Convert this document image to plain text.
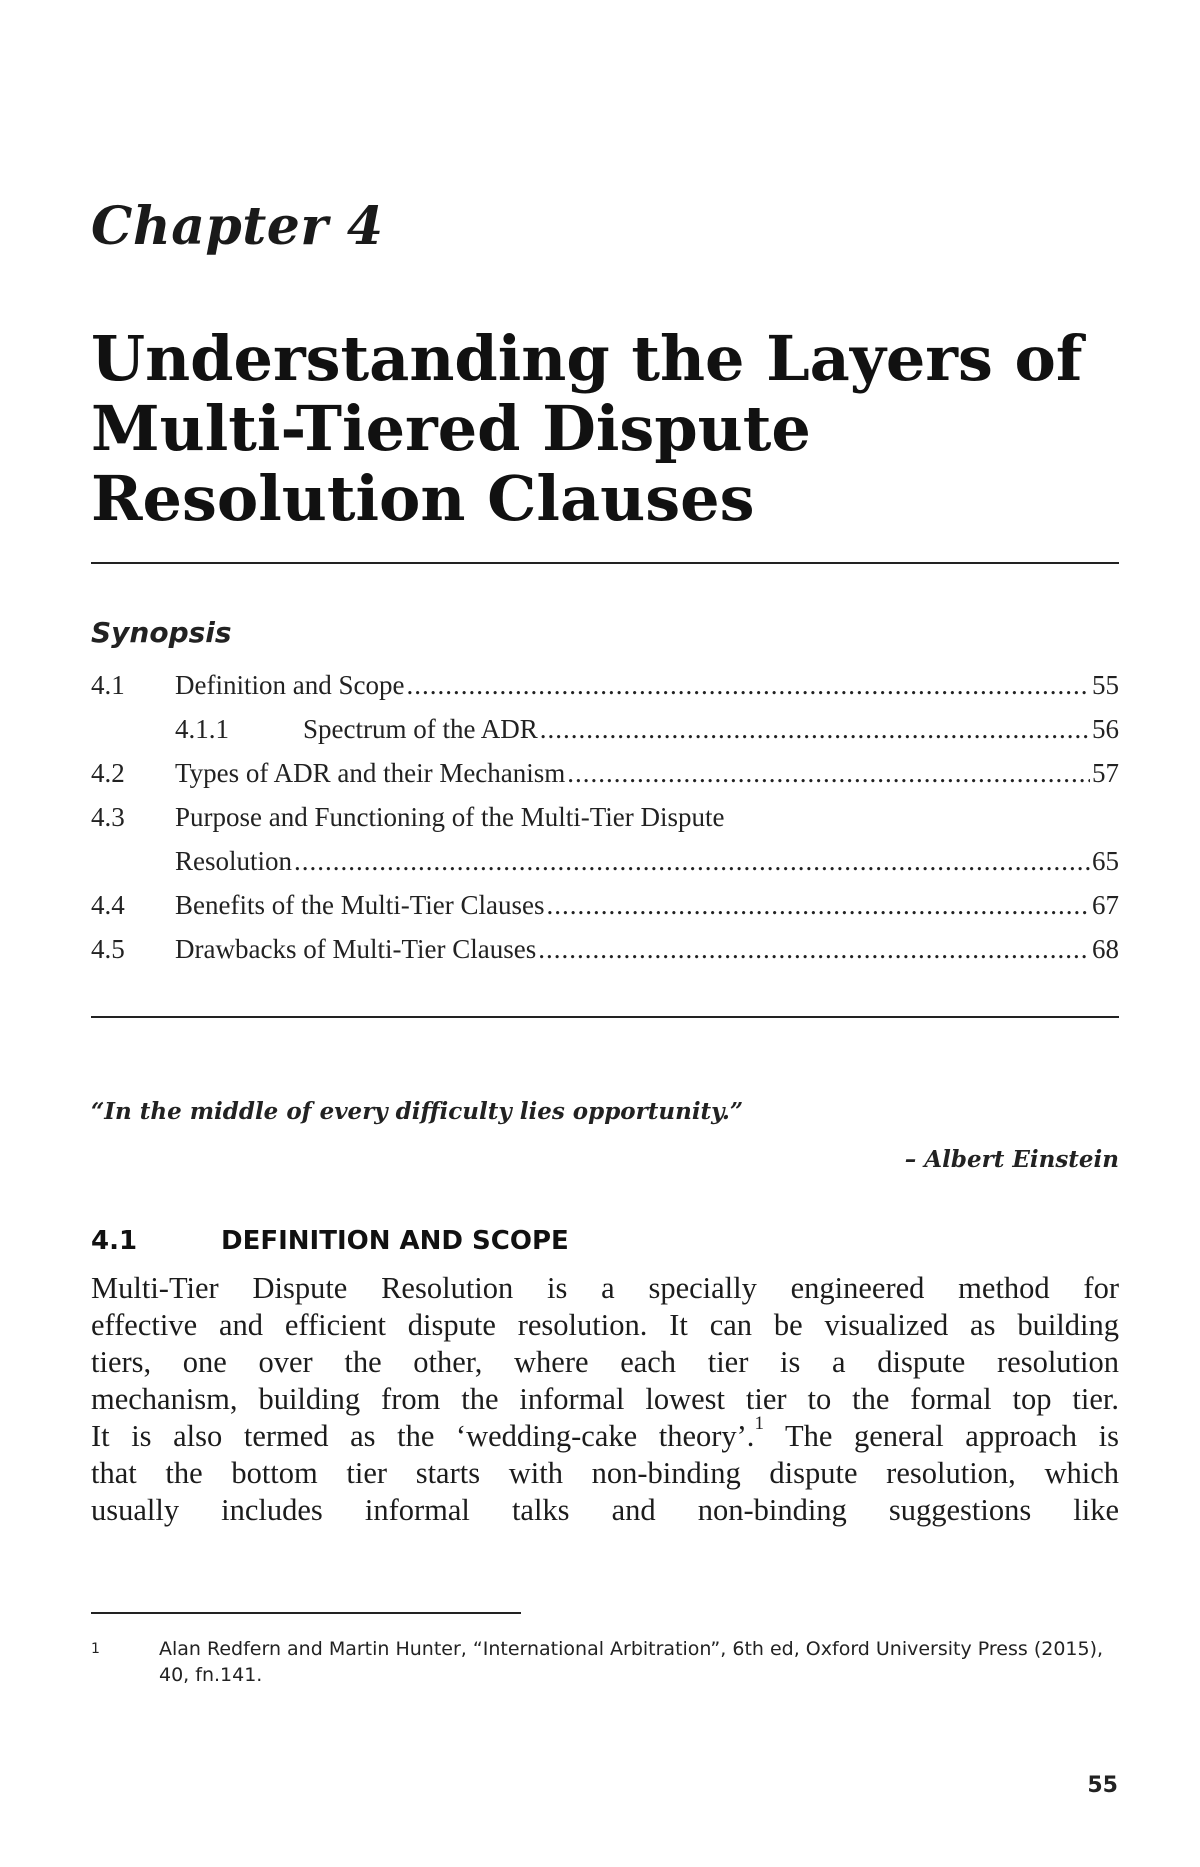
Chapter 4
Understanding the Layers of
Multi-Tiered Dispute
Resolution Clauses
Synopsis
4.1 Definition and Scope .....	55
4.1.1	Spectrum of the ADR .....	56
4.2 Types of ADR and their Mechanism .....	57
4.3 Purpose and Functioning of the Multi-Tier Dispute
Resolution .....	65
4.4 Benefits of the Multi-Tier Clauses .....	67
4.5 Drawbacks of Multi-Tier Clauses .....	68
“In the middle of every difficulty lies opportunity.”
– Albert Einstein
4.1	DEFINITION AND SCOPE
Multi-Tier Dispute Resolution is a specially engineered method for
effective and efficient dispute resolution. It can be visualized as building
tiers, one over the other, where each tier is a dispute resolution
mechanism, building from the informal lowest tier to the formal top tier.
It is also termed as the ‘wedding-cake theory’.$^1$ The general approach is
that the bottom tier starts with non-binding dispute resolution, which
usually includes informal talks and non-binding suggestions like
1	Alan Redfern and Martin Hunter, “International Arbitration”, 6th ed, Oxford University Press (2015), 40, fn.141.
55
